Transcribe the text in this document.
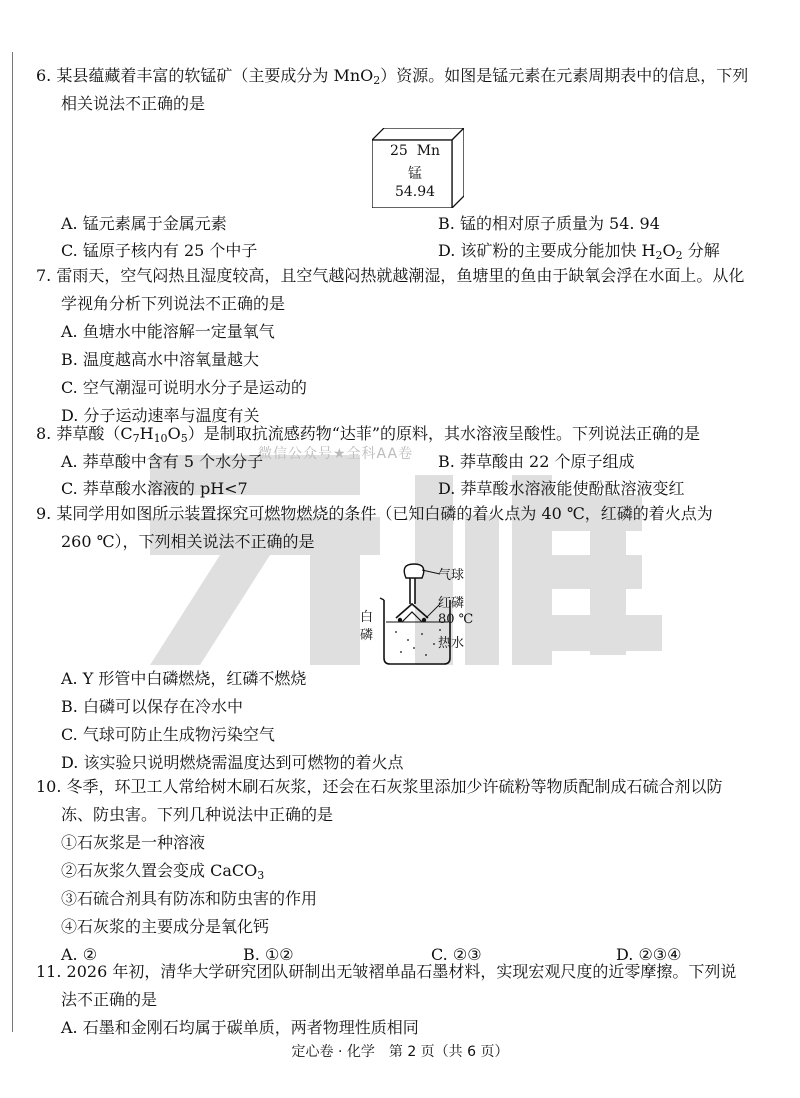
微信公众号★全科AA卷
6. 某县蕴藏着丰富的软锰矿（主要成分为 MnO$_2$）资源。如图是锰元素在元素周期表中的信息，下列
相关说法不正确的是
25 Mn
锰
54.94
A. 锰元素属于金属元素	B. 锰的相对原子质量为 54. 94
C. 锰原子核内有 25 个中子	D. 该矿粉的主要成分能加快 $H_2O_2$ 分解
7. 雷雨天，空气闷热且湿度较高，且空气越闷热就越潮湿，鱼塘里的鱼由于缺氧会浮在水面上。从化
学视角分析下列说法不正确的是
A. 鱼塘水中能溶解一定量氧气
B. 温度越高水中溶氧量越大
C. 空气潮湿可说明水分子是运动的
D. 分子运动速率与温度有关
8. 莽草酸$(C_7H_{10}O_5)$是制取抗流感药物“达菲”的原料，其水溶液呈酸性。下列说法正确的是
A. 莽草酸中含有 5 个水分子	B. 莽草酸由 22 个原子组成
C. 莽草酸水溶液的 pH<7	D. 莽草酸水溶液能使酚酞溶液变红
9. 某同学用如图所示装置探究可燃物燃烧的条件（已知白磷的着火点为 40 ℃，红磷的着火点为
260 ℃），下列相关说法不正确的是
气球
红磷
80 ℃
热水
白
磷
A. Y 形管中白磷燃烧，红磷不燃烧
B. 白磷可以保存在冷水中
C. 气球可防止生成物污染空气
D. 该实验只说明燃烧需温度达到可燃物的着火点
10. 冬季，环卫工人常给树木刷石灰浆，还会在石灰浆里添加少许硫粉等物质配制成石硫合剂以防
冻、防虫害。下列几种说法中正确的是
①石灰浆是一种溶液
②石灰浆久置会变成 CaCO$_3$
③石硫合剂具有防冻和防虫害的作用
④石灰浆的主要成分是氧化钙
A. ②	B. ①②	C. ②③	D. ②③④
11. 2026 年初，清华大学研究团队研制出无皱褶单晶石墨材料，实现宏观尺度的近零摩擦。下列说
法不正确的是
A. 石墨和金刚石均属于碳单质，两者物理性质相同
定心卷 · 化学　第 2 页（共 6 页）
